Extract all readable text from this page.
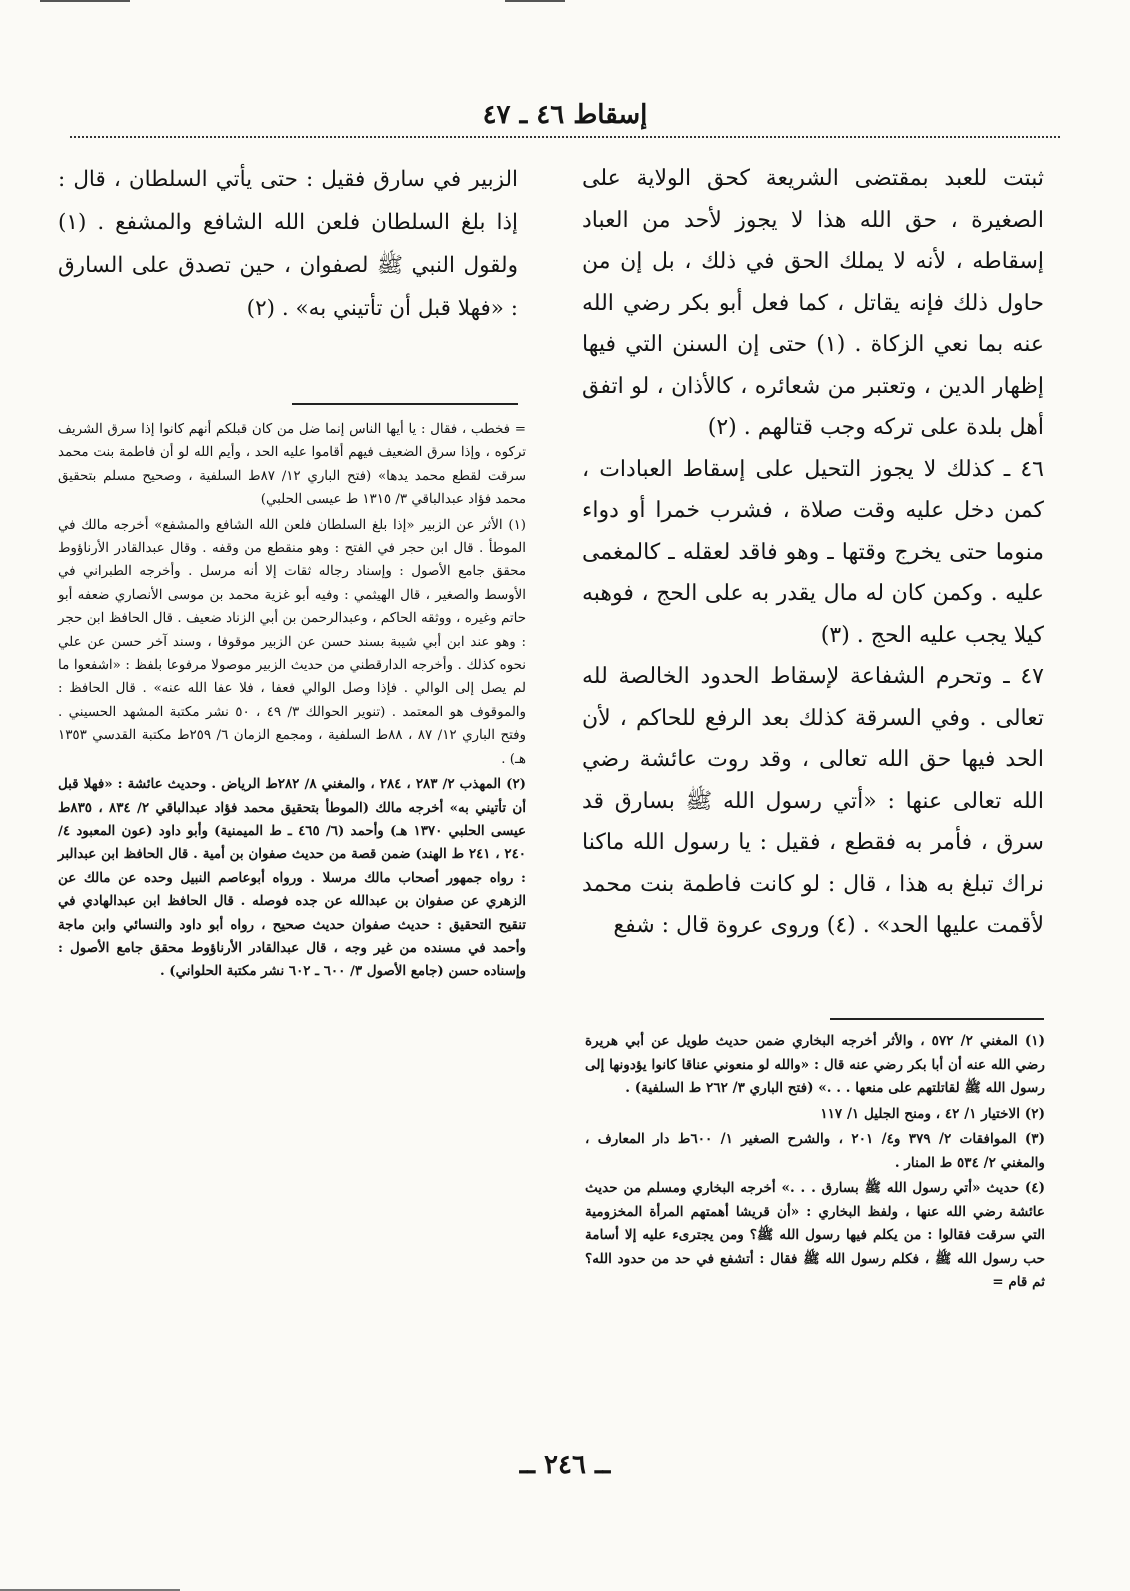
إسقاط ٤٦ ـ ٤٧

ثبتت للعبد بمقتضى الشريعة كحق الولاية على الصغيرة ، حق الله هذا لا يجوز لأحد من العباد إسقاطه ، لأنه لا يملك الحق في ذلك ، بل إن من حاول ذلك فإنه يقاتل ، كما فعل أبو بكر رضي الله عنه بما نعي الزكاة . (١) حتى إن السنن التي فيها إظهار الدين ، وتعتبر من شعائره ، كالأذان ، لو اتفق أهل بلدة على تركه وجب قتالهم . (٢)

٤٦ ـ كذلك لا يجوز التحيل على إسقاط العبادات ، كمن دخل عليه وقت صلاة ، فشرب خمرا أو دواء منوما حتى يخرج وقتها ـ وهو فاقد لعقله ـ كالمغمى عليه . وكمن كان له مال يقدر به على الحج ، فوهبه كيلا يجب عليه الحج . (٣)

٤٧ ـ وتحرم الشفاعة لإسقاط الحدود الخالصة لله تعالى . وفي السرقة كذلك بعد الرفع للحاكم ، لأن الحد فيها حق الله تعالى ، وقد روت عائشة رضي الله تعالى عنها : «أتي رسول الله ﷺ بسارق قد سرق ، فأمر به فقطع ، فقيل : يا رسول الله ماكنا نراك تبلغ به هذا ، قال : لو كانت فاطمة بنت محمد لأقمت عليها الحد» . (٤) وروى عروة قال : شفع

(١) المغني ٢/ ٥٧٢ ، والأثر أخرجه البخاري ضمن حديث طويل عن أبي هريرة رضي الله عنه أن أبا بكر رضي عنه قال : «والله لو منعوني عناقا كانوا يؤدونها إلى رسول الله ﷺ لقاتلتهم على منعها . . .» (فتح الباري ٣/ ٢٦٢ ط السلفية) .

(٢) الاختيار ١/ ٤٢ ، ومنح الجليل ١/ ١١٧

(٣) الموافقات ٢/ ٣٧٩ و٤/ ٢٠١ ، والشرح الصغير ١/ ٦٠٠ط دار المعارف ، والمغني ٢/ ٥٣٤ ط المنار .

(٤) حديث «أتي رسول الله ﷺ بسارق . . .» أخرجه البخاري ومسلم من حديث عائشة رضي الله عنها ، ولفظ البخاري : «أن قريشا أهمتهم المرأة المخزومية التي سرقت فقالوا : من يكلم فيها رسول الله ﷺ؟ ومن يجترىء عليه إلا أسامة حب رسول الله ﷺ ، فكلم رسول الله ﷺ فقال : أتشفع في حد من حدود الله؟ ثم قام =

الزبير في سارق فقيل : حتى يأتي السلطان ، قال : إذا بلغ السلطان فلعن الله الشافع والمشفع . (١) ولقول النبي ﷺ لصفوان ، حين تصدق على السارق : «فهلا قبل أن تأتيني به» . (٢)

= فخطب ، فقال : يا أيها الناس إنما ضل من كان قبلكم أنهم كانوا إذا سرق الشريف تركوه ، وإذا سرق الضعيف فيهم أقاموا عليه الحد ، وأيم الله لو أن فاطمة بنت محمد سرقت لقطع محمد يدها» (فتح الباري ١٢/ ٨٧ط السلفية ، وصحيح مسلم بتحقيق محمد فؤاد عبدالباقي ٣/ ١٣١٥ ط عيسى الحلبي)

(١) الأثر عن الزبير «إذا بلغ السلطان فلعن الله الشافع والمشفع» أخرجه مالك في الموطأ . قال ابن حجر في الفتح : وهو منقطع من وقفه . وقال عبدالقادر الأرناؤوط محقق جامع الأصول : وإسناد رجاله ثقات إلا أنه مرسل . وأخرجه الطبراني في الأوسط والصغير ، قال الهيثمي : وفيه أبو غزية محمد بن موسى الأنصاري ضعفه أبو حاتم وغيره ، ووثقه الحاكم ، وعبدالرحمن بن أبي الزناد ضعيف . قال الحافظ ابن حجر : وهو عند ابن أبي شيبة بسند حسن عن الزبير موقوفا ، وسند آخر حسن عن علي نحوه كذلك . وأخرجه الدارقطني من حديث الزبير موصولا مرفوعا بلفظ : «اشفعوا ما لم يصل إلى الوالي . فإذا وصل الوالي فعفا ، فلا عفا الله عنه» . قال الحافظ : والموقوف هو المعتمد . (تنوير الحوالك ٣/ ٤٩ ، ٥٠ نشر مكتبة المشهد الحسيني . وفتح الباري ١٢/ ٨٧ ، ٨٨ط السلفية ، ومجمع الزمان ٦/ ٢٥٩ط مكتبة القدسي ١٣٥٣ هـ) .

(٢) المهذب ٢/ ٢٨٣ ، ٢٨٤ ، والمغني ٨/ ٢٨٢ط الرياض . وحديث عائشة : «فهلا قبل أن تأتيني به» أخرجه مالك (الموطأ بتحقيق محمد فؤاد عبدالباقي ٢/ ٨٣٤ ، ٨٣٥ط عيسى الحلبي ١٣٧٠ هـ) وأحمد (٦/ ٤٦٥ ـ ط الميمنية) وأبو داود (عون المعبود ٤/ ٢٤٠ ، ٢٤١ ط الهند) ضمن قصة من حديث صفوان بن أمية . قال الحافظ ابن عبدالبر : رواه جمهور أصحاب مالك مرسلا . ورواه أبوعاصم النبيل وحده عن مالك عن الزهري عن صفوان بن عبدالله عن جده فوصله . قال الحافظ ابن عبدالهادي في تنقيح التحقيق : حديث صفوان حديث صحيح ، رواه أبو داود والنسائي وابن ماجة وأحمد في مسنده من غير وجه ، قال عبدالقادر الأرناؤوط محقق جامع الأصول : وإسناده حسن (جامع الأصول ٣/ ٦٠٠ ـ ٦٠٢ نشر مكتبة الحلواني) .

ــ ٢٤٦ ــ
